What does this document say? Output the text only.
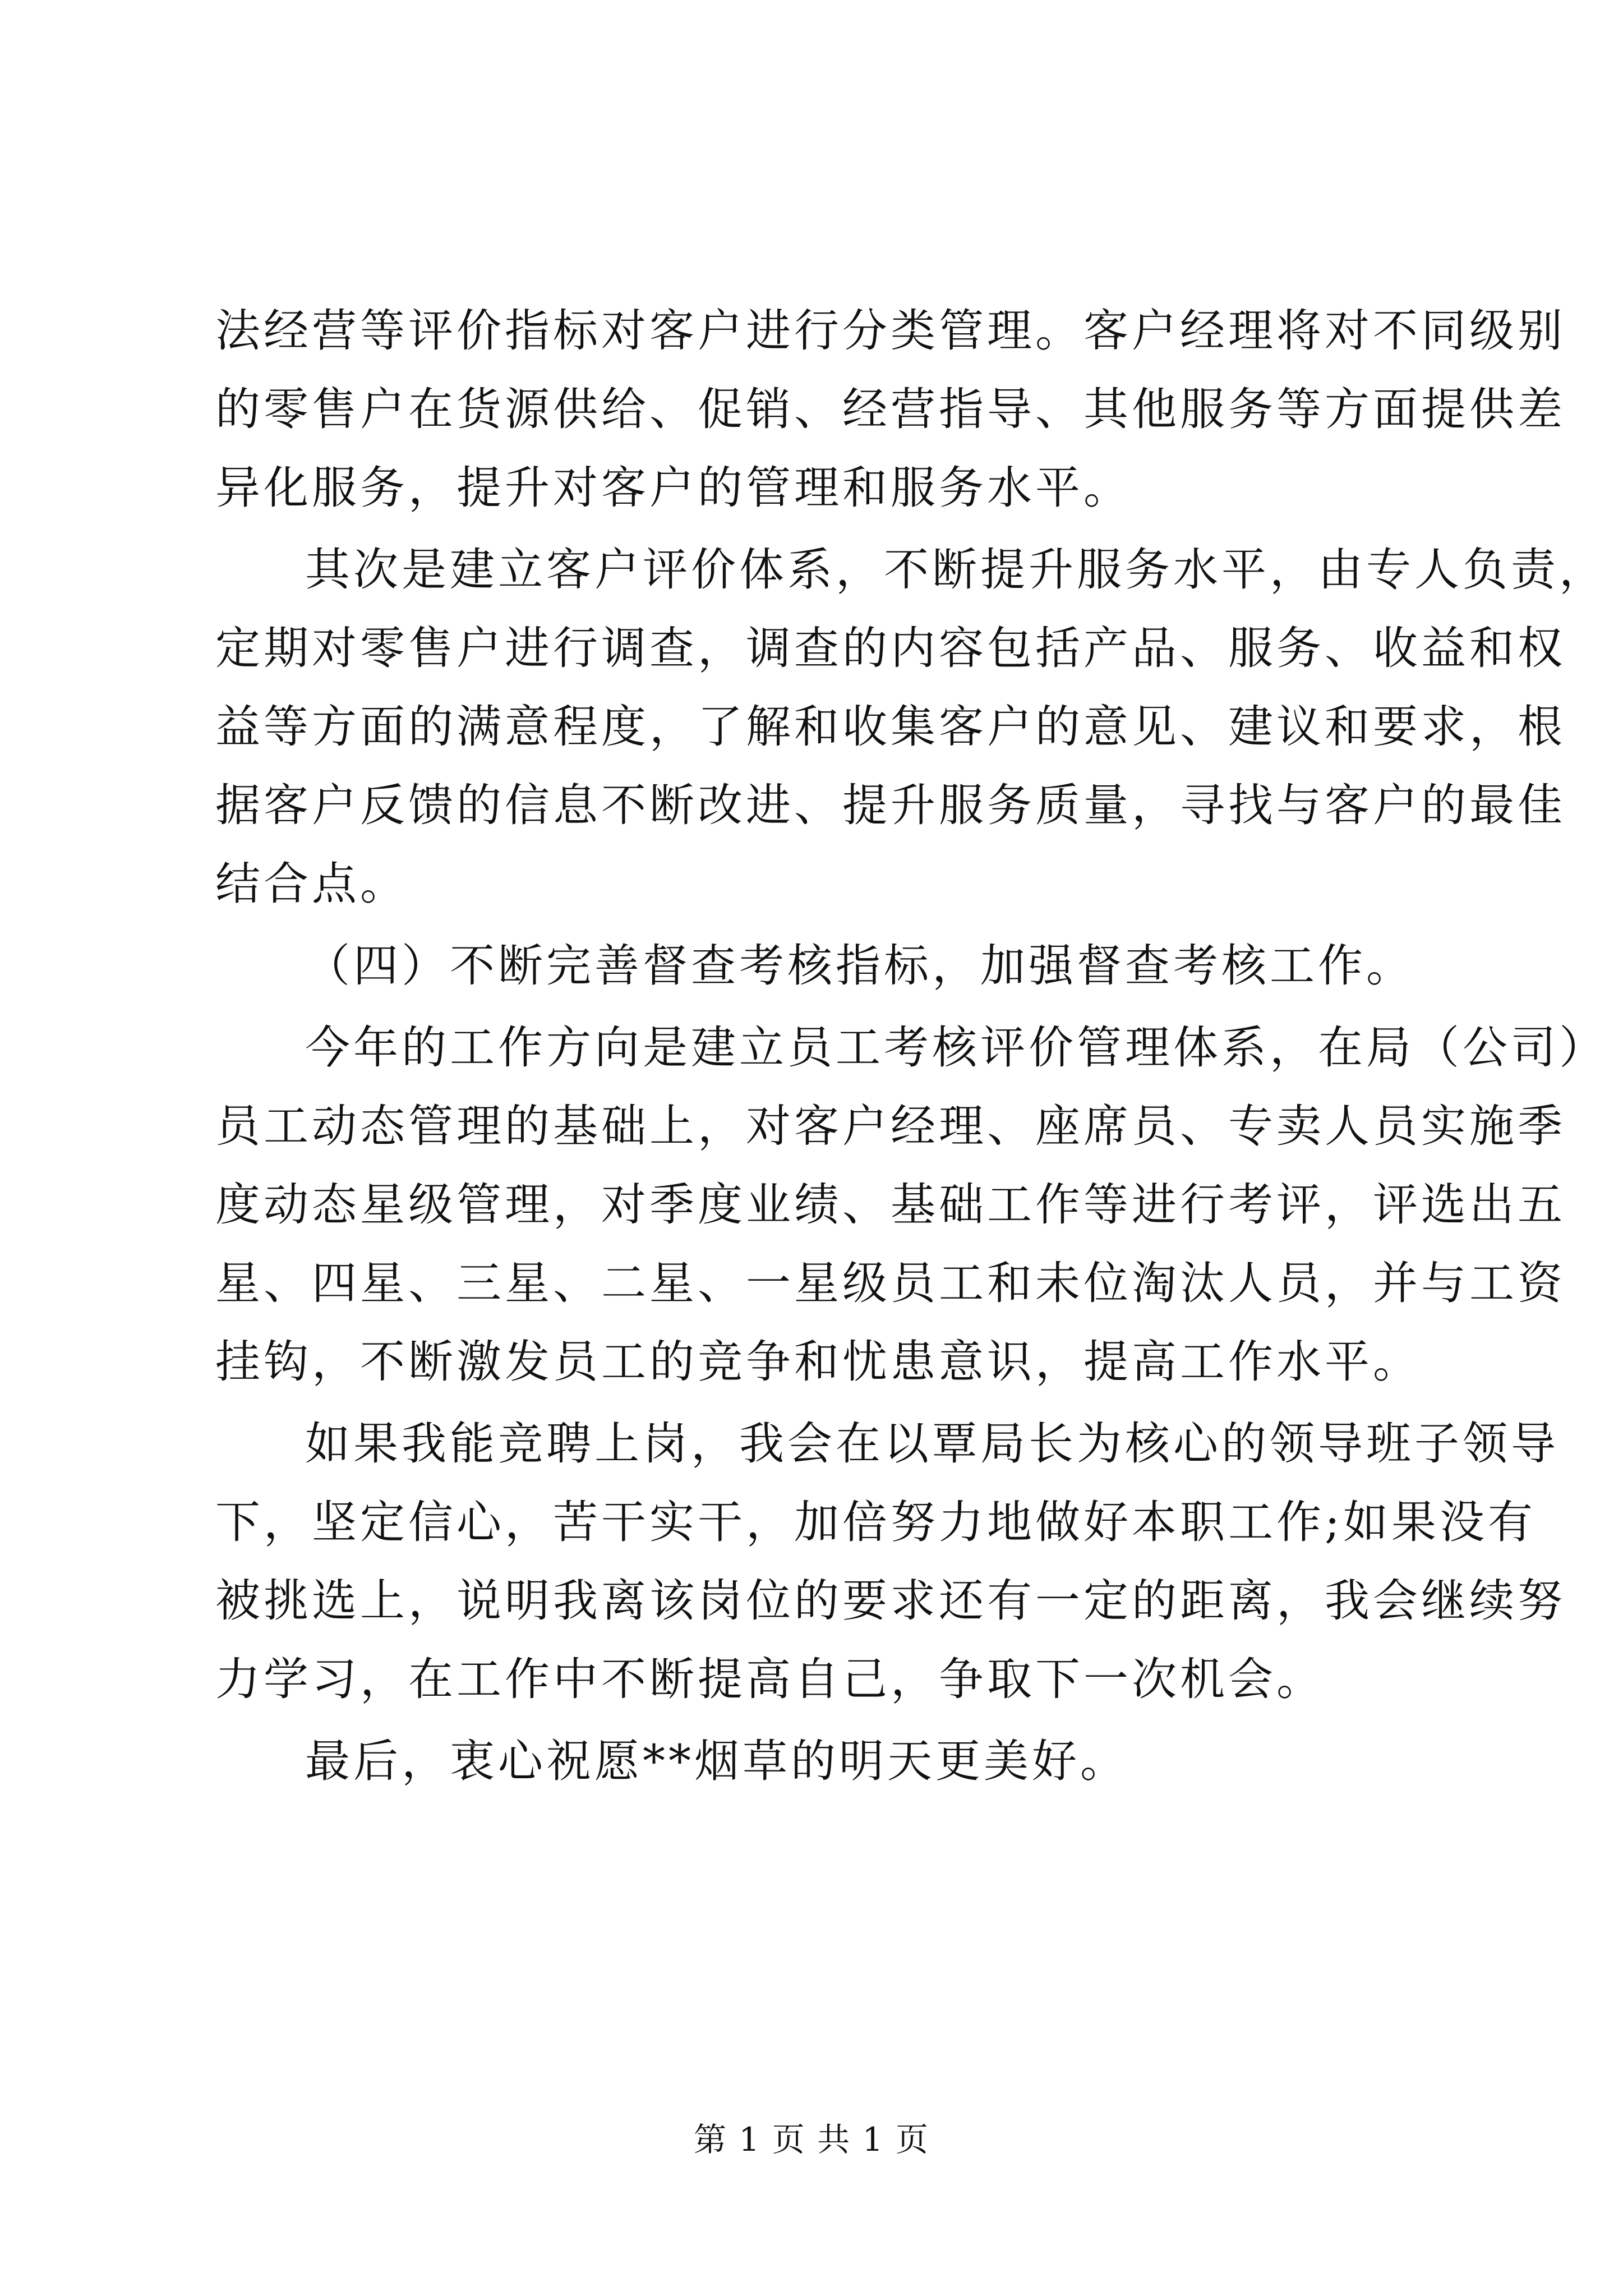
法经营等评价指标对客户进行分类管理。客户经理将对不同级别
的零售户在货源供给、促销、经营指导、其他服务等方面提供差
异化服务，提升对客户的管理和服务水平。

其次是建立客户评价体系，不断提升服务水平，由专人负责，
定期对零售户进行调查，调查的内容包括产品、服务、收益和权
益等方面的满意程度，了解和收集客户的意见、建议和要求，根
据客户反馈的信息不断改进、提升服务质量，寻找与客户的最佳
结合点。

（四）不断完善督查考核指标，加强督查考核工作。

今年的工作方向是建立员工考核评价管理体系，在局（公司）
员工动态管理的基础上，对客户经理、座席员、专卖人员实施季
度动态星级管理，对季度业绩、基础工作等进行考评，评选出五
星、四星、三星、二星、一星级员工和未位淘汰人员，并与工资
挂钩，不断激发员工的竞争和忧患意识，提高工作水平。

如果我能竞聘上岗，我会在以覃局长为核心的领导班子领导
下，坚定信心，苦干实干，加倍努力地做好本职工作;如果没有
被挑选上，说明我离该岗位的要求还有一定的距离，我会继续努
力学习，在工作中不断提高自己，争取下一次机会。

最后，衷心祝愿**烟草的明天更美好。

第 1 页 共 1 页
